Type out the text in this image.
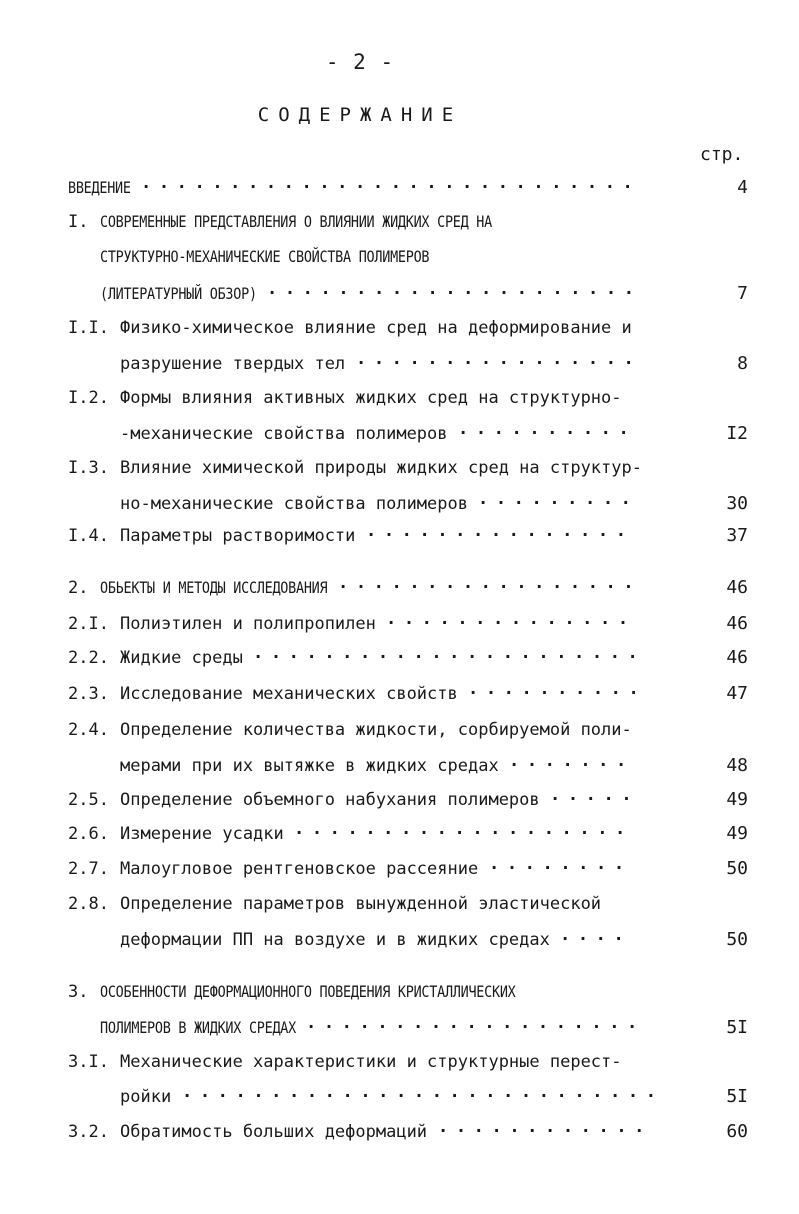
- 2 -
СОДЕРЖАНИЕ
стр.
ВВЕДЕНИЕ ............................	4
I. СОВРЕМЕННЫЕ ПРЕДСТАВЛЕНИЯ О ВЛИЯНИИ ЖИДКИХ СРЕД НА
СТРУКТУРНО-МЕХАНИЧЕСКИЕ СВОЙСТВА ПОЛИМЕРОВ
(ЛИТЕРАТУРНЫЙ ОБЗОР) .....................	7
I.I. Физико-химическое влияние сред на деформирование и
разрушение твердых тел ................	8
I.2. Формы влияния активных жидких сред на структурно-
-механические свойства полимеров ..........	I2
I.3. Влияние химической природы жидких сред на структур-
но-механические свойства полимеров .........	30
I.4. Параметры растворимости ...............	37
2. ОБЬЕКТЫ И МЕТОДЫ ИССЛЕДОВАНИЯ .................	46
2.I. Полиэтилен и полипропилен ..............	46
2.2. Жидкие среды ......................	46
2.3. Исследование механических свойств ..........	47
2.4. Определение количества жидкости, сорбируемой поли-
мерами при их вытяжке в жидких средах .......	48
2.5. Определение объемного набухания полимеров .....	49
2.6. Измерение усадки ...................	49
2.7. Малоугловое рентгеновское рассеяние ........	50
2.8. Определение параметров вынужденной эластической
деформации ПП на воздухе и в жидких средах ....	50
3. ОСОБЕННОСТИ ДЕФОРМАЦИОННОГО ПОВЕДЕНИЯ КРИСТАЛЛИЧЕСКИХ
ПОЛИМЕРОВ В ЖИДКИХ СРЕДАХ ...................	5I
3.I. Механические характеристики и структурные перест-
ройки ...........................	5I
3.2. Обратимость больших деформаций ............	60
